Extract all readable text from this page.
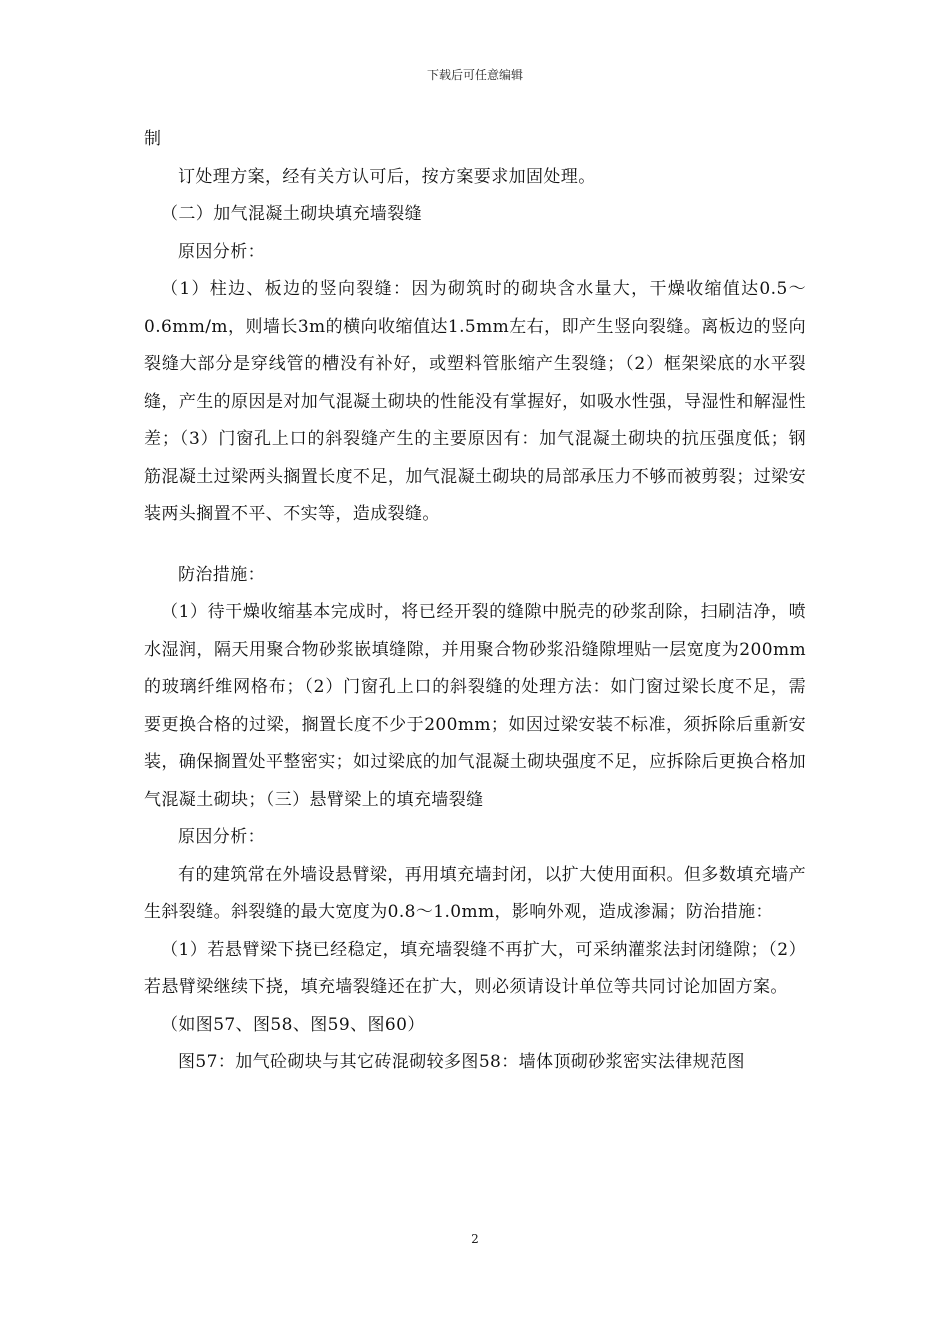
下载后可任意编辑

制

订处理方案，经有关方认可后，按方案要求加固处理。

（二）加气混凝土砌块填充墙裂缝

原因分析：

（1）柱边、板边的竖向裂缝：因为砌筑时的砌块含水量大，干燥收缩值达0.5～0.6mm/m，则墙长3m的横向收缩值达1.5mm左右，即产生竖向裂缝。离板边的竖向裂缝大部分是穿线管的槽没有补好，或塑料管胀缩产生裂缝；（2）框架梁底的水平裂缝，产生的原因是对加气混凝土砌块的性能没有掌握好，如吸水性强，导湿性和解湿性差；（3）门窗孔上口的斜裂缝产生的主要原因有：加气混凝土砌块的抗压强度低；钢筋混凝土过梁两头搁置长度不足，加气混凝土砌块的局部承压力不够而被剪裂；过梁安装两头搁置不平、不实等，造成裂缝。

防治措施：

（1）待干燥收缩基本完成时，将已经开裂的缝隙中脱壳的砂浆刮除，扫刷洁净，喷水湿润，隔天用聚合物砂浆嵌填缝隙，并用聚合物砂浆沿缝隙埋贴一层宽度为200mm的玻璃纤维网格布；（2）门窗孔上口的斜裂缝的处理方法：如门窗过梁长度不足，需要更换合格的过梁，搁置长度不少于200mm；如因过梁安装不标准，须拆除后重新安装，确保搁置处平整密实；如过梁底的加气混凝土砌块强度不足，应拆除后更换合格加气混凝土砌块；（三）悬臂梁上的填充墙裂缝

原因分析：

有的建筑常在外墙设悬臂梁，再用填充墙封闭，以扩大使用面积。但多数填充墙产生斜裂缝。斜裂缝的最大宽度为0.8～1.0mm，影响外观，造成渗漏；防治措施：

（1）若悬臂梁下挠已经稳定，填充墙裂缝不再扩大，可采纳灌浆法封闭缝隙；（2）若悬臂梁继续下挠，填充墙裂缝还在扩大，则必须请设计单位等共同讨论加固方案。

（如图57、图58、图59、图60）

图57：加气砼砌块与其它砖混砌较多图58：墙体顶砌砂浆密实法律规范图

2
